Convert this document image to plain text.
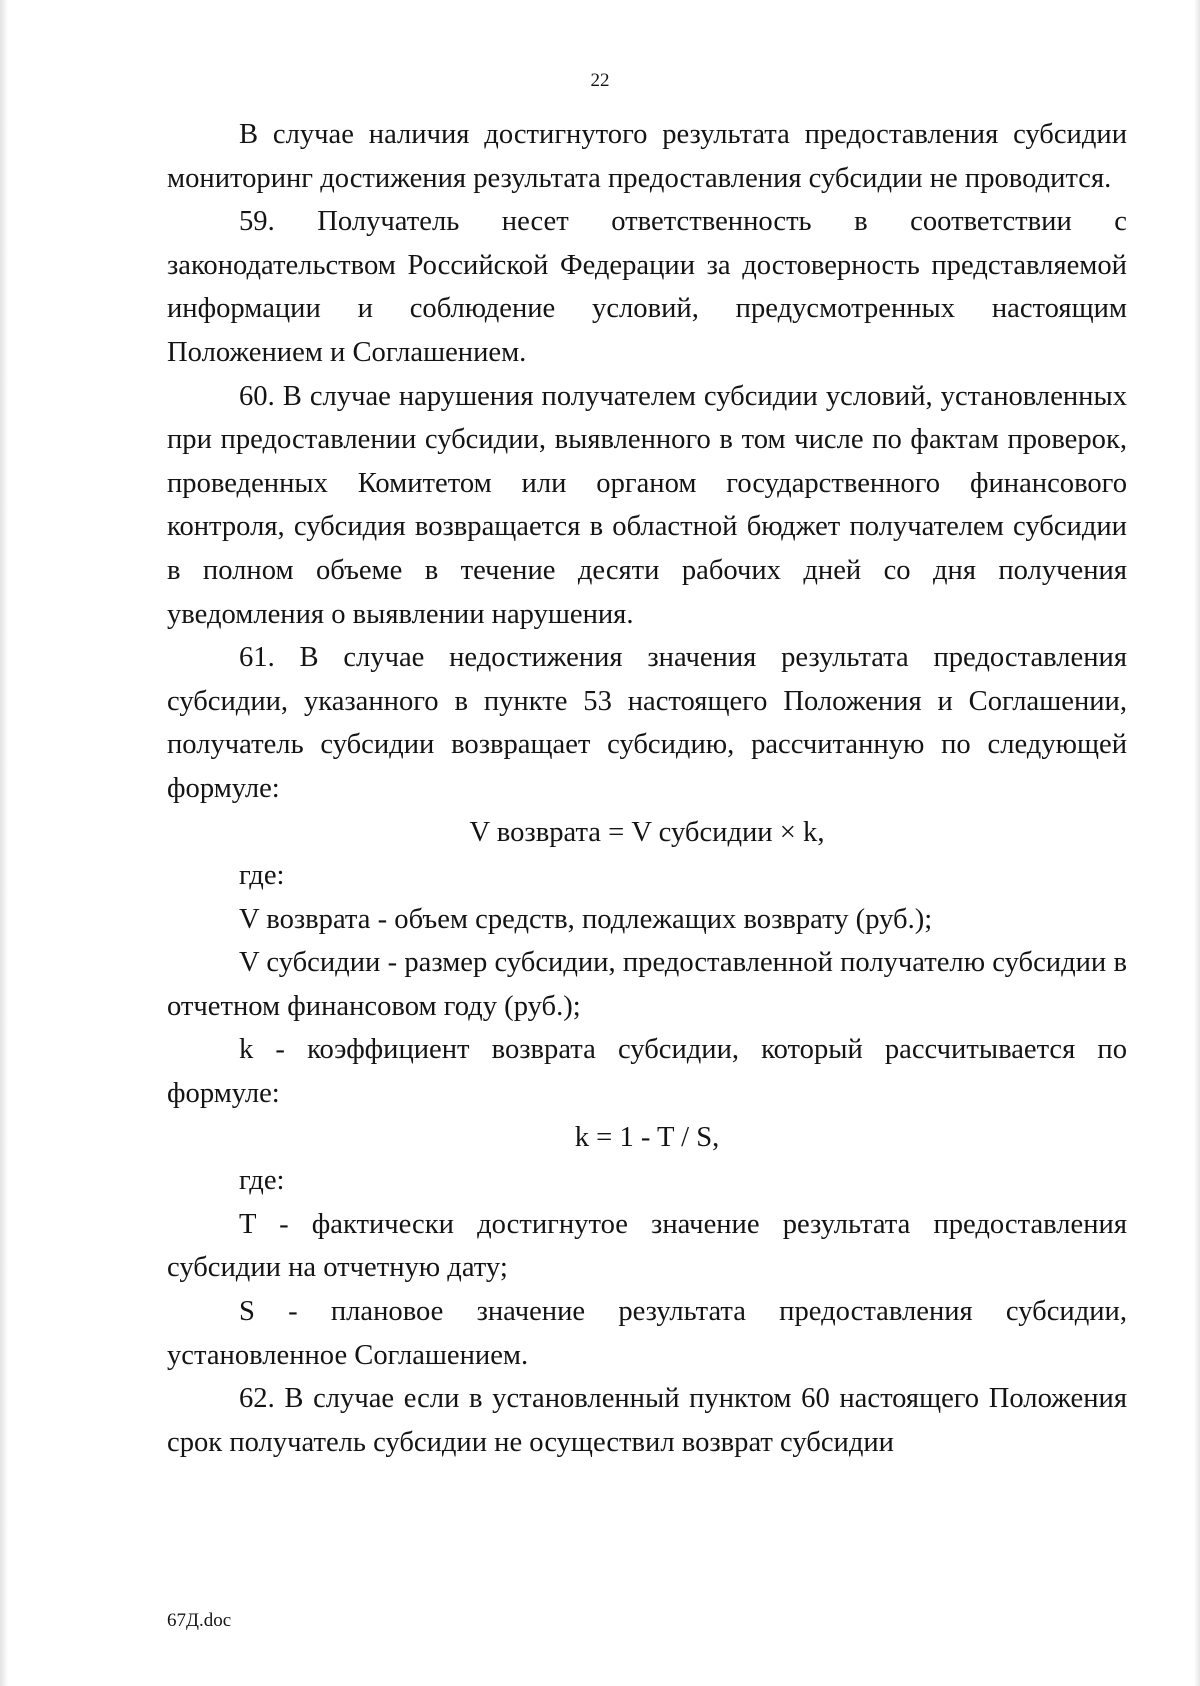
22

В случае наличия достигнутого результата предоставления субсидии мониторинг достижения результата предоставления субсидии не проводится.

59. Получатель несет ответственность в соответствии с законодательством Российской Федерации за достоверность представляемой информации и соблюдение условий, предусмотренных настоящим Положением и Соглашением.

60. В случае нарушения получателем субсидии условий, установленных при предоставлении субсидии, выявленного в том числе по фактам проверок, проведенных Комитетом или органом государственного финансового контроля, субсидия возвращается в областной бюджет получателем субсидии в полном объеме в течение десяти рабочих дней со дня получения уведомления о выявлении нарушения.

61. В случае недостижения значения результата предоставления субсидии, указанного в пункте 53 настоящего Положения и Соглашении, получатель субсидии возвращает субсидию, рассчитанную по следующей формуле:

V возврата = V субсидии × k,

где:

V возврата - объем средств, подлежащих возврату (руб.);

V субсидии - размер субсидии, предоставленной получателю субсидии в отчетном финансовом году (руб.);

k - коэффициент возврата субсидии, который рассчитывается по формуле:

k = 1 - T / S,

где:

T - фактически достигнутое значение результата предоставления субсидии на отчетную дату;

S - плановое значение результата предоставления субсидии, установленное Соглашением.

62. В случае если в установленный пунктом 60 настоящего Положения срок получатель субсидии не осуществил возврат субсидии

67Д.doc
